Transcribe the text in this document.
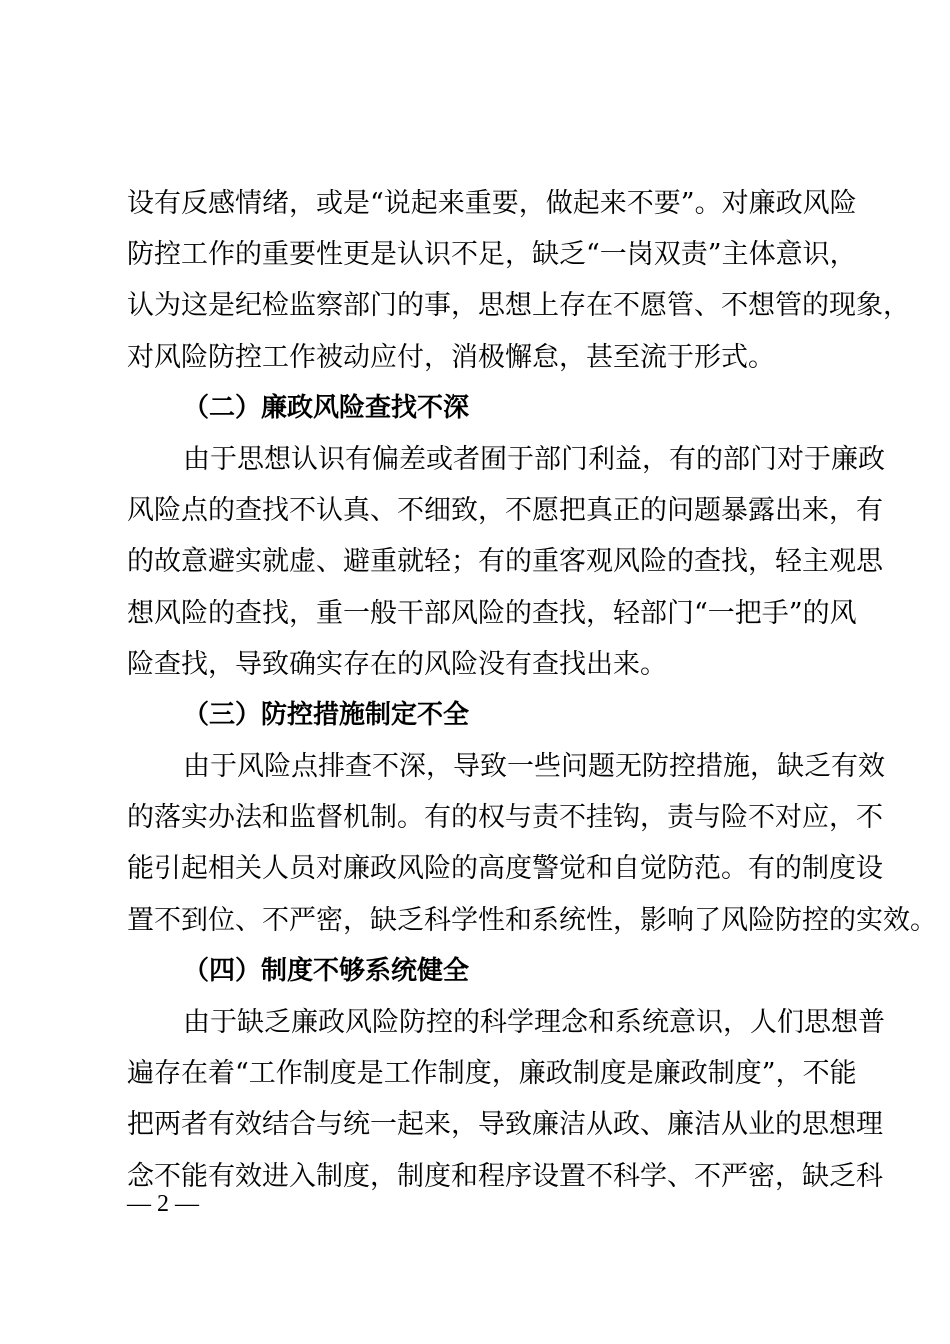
设有反感情绪，或是“说起来重要，做起来不要”。对廉政风险
防控工作的重要性更是认识不足，缺乏“一岗双责”主体意识，
认为这是纪检监察部门的事，思想上存在不愿管、不想管的现象，
对风险防控工作被动应付，消极懈怠，甚至流于形式。
（二）廉政风险查找不深
由于思想认识有偏差或者囿于部门利益，有的部门对于廉政
风险点的查找不认真、不细致，不愿把真正的问题暴露出来，有
的故意避实就虚、避重就轻；有的重客观风险的查找，轻主观思
想风险的查找，重一般干部风险的查找，轻部门“一把手”的风
险查找，导致确实存在的风险没有查找出来。
（三）防控措施制定不全
由于风险点排查不深，导致一些问题无防控措施，缺乏有效
的落实办法和监督机制。有的权与责不挂钩，责与险不对应，不
能引起相关人员对廉政风险的高度警觉和自觉防范。有的制度设
置不到位、不严密，缺乏科学性和系统性，影响了风险防控的实效。
（四）制度不够系统健全
由于缺乏廉政风险防控的科学理念和系统意识，人们思想普
遍存在着“工作制度是工作制度，廉政制度是廉政制度”，不能
把两者有效结合与统一起来，导致廉洁从政、廉洁从业的思想理
念不能有效进入制度，制度和程序设置不科学、不严密，缺乏科
— 2 —
